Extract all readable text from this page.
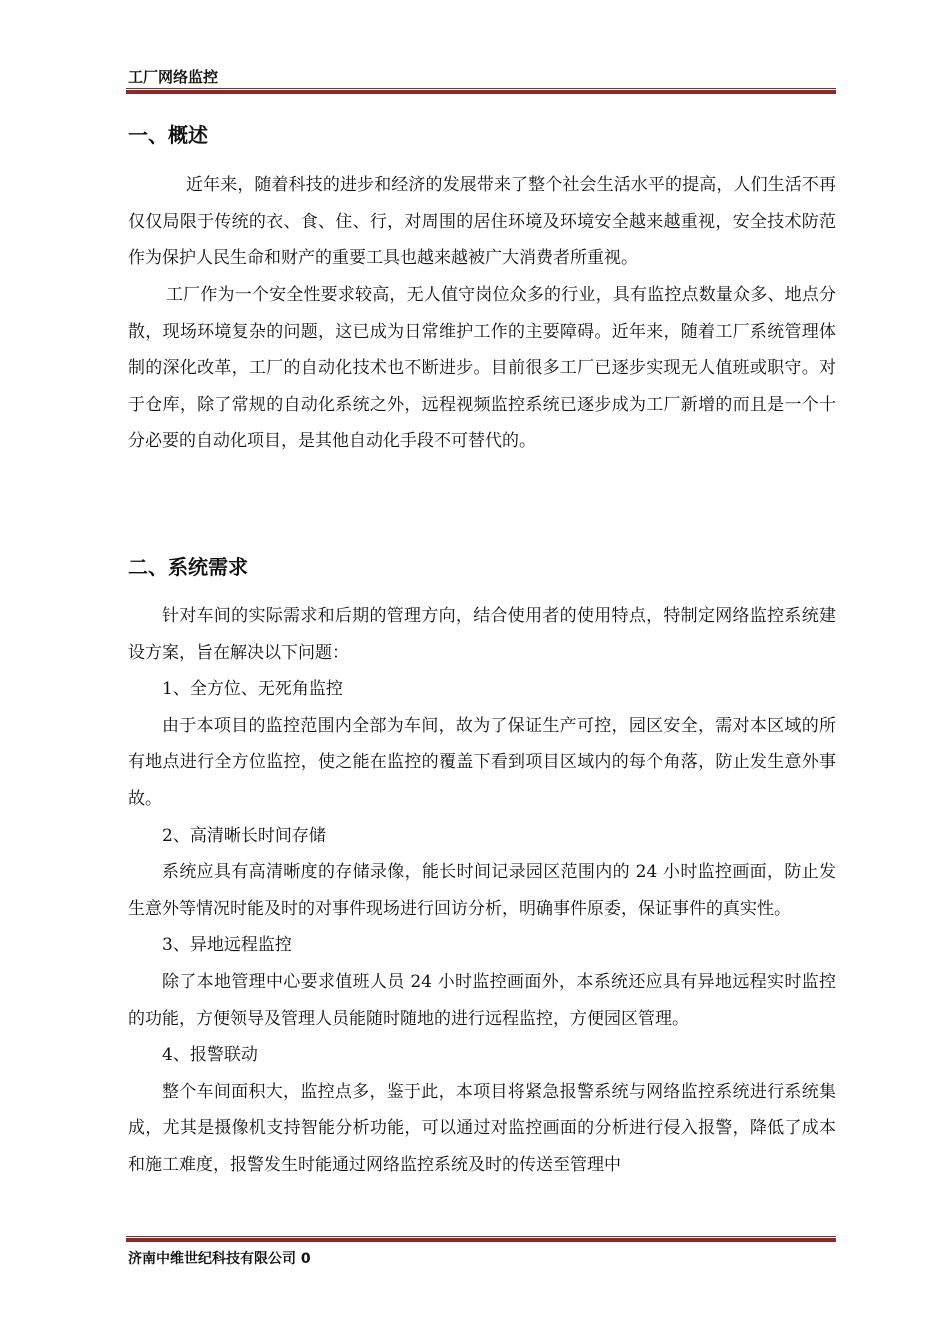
工厂网络监控
一、概述

近年来，随着科技的进步和经济的发展带来了整个社会生活水平的提高，人们生活不再仅仅局限于传统的衣、食、住、行，对周围的居住环境及环境安全越来越重视，安全技术防范作为保护人民生命和财产的重要工具也越来越被广大消费者所重视。

工厂作为一个安全性要求较高，无人值守岗位众多的行业，具有监控点数量众多、地点分散，现场环境复杂的问题，这已成为日常维护工作的主要障碍。近年来，随着工厂系统管理体制的深化改革，工厂的自动化技术也不断进步。目前很多工厂已逐步实现无人值班或职守。对于仓库，除了常规的自动化系统之外，远程视频监控系统已逐步成为工厂新增的而且是一个十分必要的自动化项目，是其他自动化手段不可替代的。

二、系统需求

针对车间的实际需求和后期的管理方向，结合使用者的使用特点，特制定网络监控系统建设方案，旨在解决以下问题：

1、全方位、无死角监控

由于本项目的监控范围内全部为车间，故为了保证生产可控，园区安全，需对本区域的所有地点进行全方位监控，使之能在监控的覆盖下看到项目区域内的每个角落，防止发生意外事故。

2、高清晰长时间存储

系统应具有高清晰度的存储录像，能长时间记录园区范围内的 24 小时监控画面，防止发生意外等情况时能及时的对事件现场进行回访分析，明确事件原委，保证事件的真实性。

3、异地远程监控

除了本地管理中心要求值班人员 24 小时监控画面外，本系统还应具有异地远程实时监控的功能，方便领导及管理人员能随时随地的进行远程监控，方便园区管理。

4、报警联动

整个车间面积大，监控点多，鉴于此，本项目将紧急报警系统与网络监控系统进行系统集成，尤其是摄像机支持智能分析功能，可以通过对监控画面的分析进行侵入报警，降低了成本和施工难度，报警发生时能通过网络监控系统及时的传送至管理中

济南中维世纪科技有限公司 0
